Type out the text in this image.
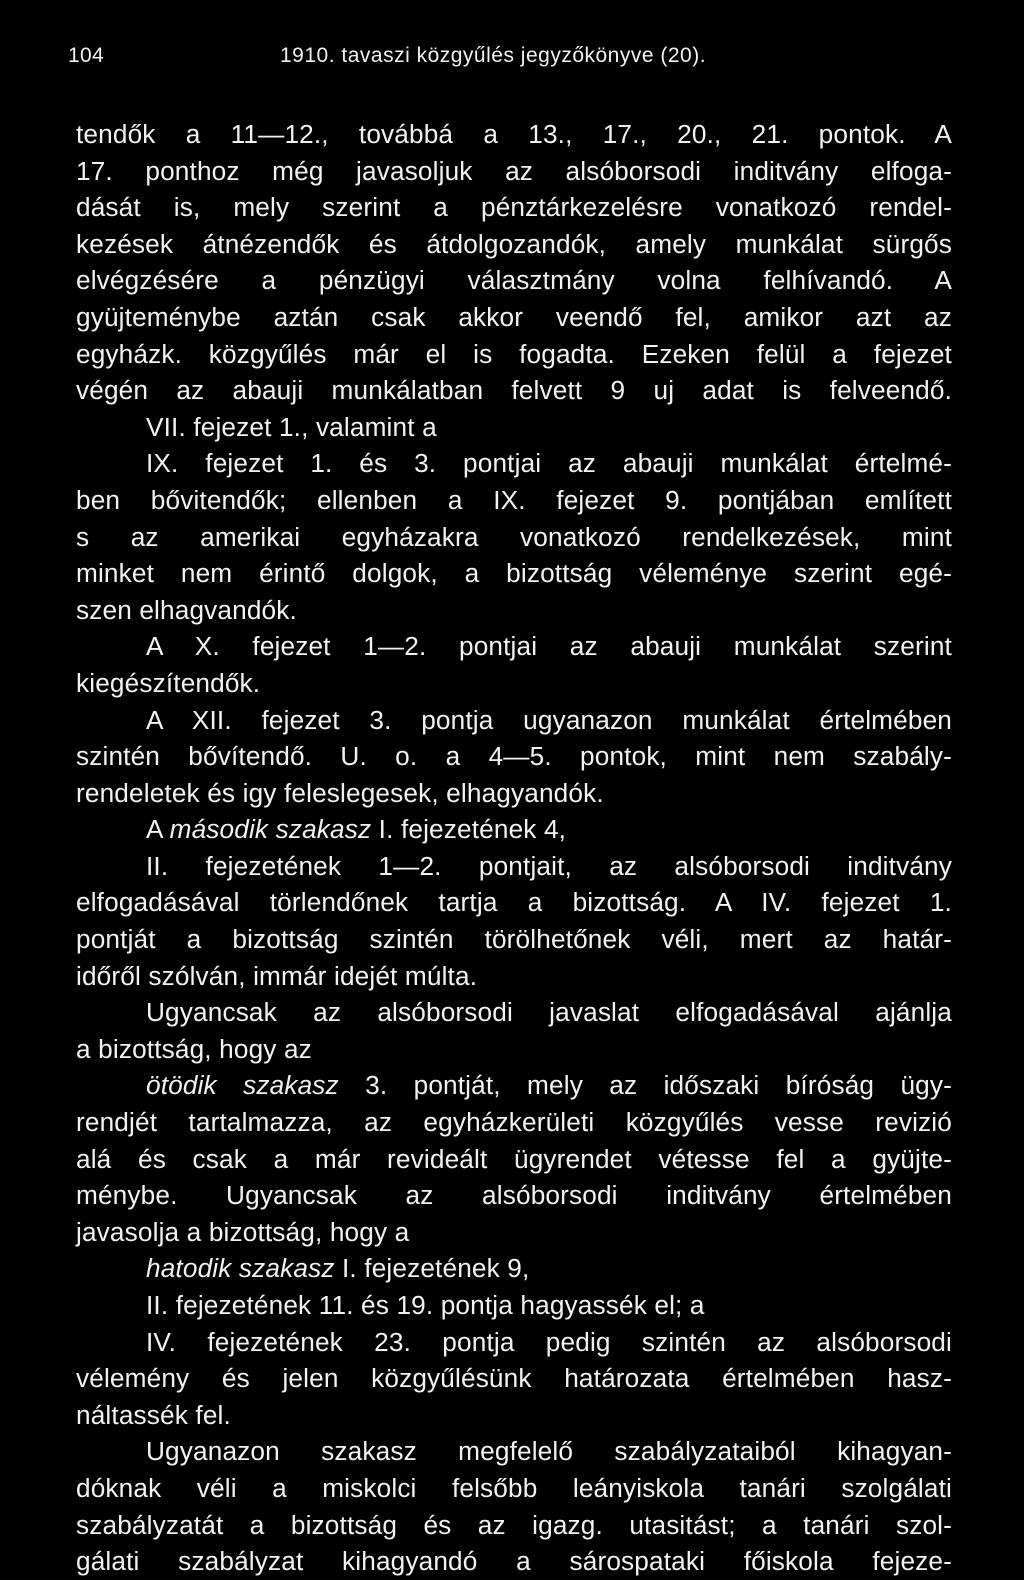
104	1910. tavaszi közgyűlés jegyzőkönyve (20).
tendők a 11—12., továbbá a 13., 17., 20., 21. pontok. A
17. ponthoz még javasoljuk az alsóborsodi inditvány elfoga-
dását is, mely szerint a pénztárkezelésre vonatkozó rendel-
kezések átnézendők és átdolgozandók, amely munkálat sürgős
elvégzésére a pénzügyi választmány volna felhívandó. A
gyüjteménybe aztán csak akkor veendő fel, amikor azt az
egyházk. közgyűlés már el is fogadta. Ezeken felül a fejezet
végén az abauji munkálatban felvett 9 uj adat is felveendő.
VII. fejezet 1., valamint a
IX. fejezet 1. és 3. pontjai az abauji munkálat értelmé-
ben bővitendők; ellenben a IX. fejezet 9. pontjában említett
s az amerikai egyházakra vonatkozó rendelkezések, mint
minket nem érintő dolgok, a bizottság véleménye szerint egé-
szen elhagvandók.
A X. fejezet 1—2. pontjai az abauji munkálat szerint
kiegészítendők.
A XII. fejezet 3. pontja ugyanazon munkálat értelmében
szintén bővítendő. U. o. a 4—5. pontok, mint nem szabály-
rendeletek és igy feleslegesek, elhagyandók.
A második szakasz I. fejezetének 4,
II. fejezetének 1—2. pontjait, az alsóborsodi inditvány
elfogadásával törlendőnek tartja a bizottság. A IV. fejezet 1.
pontját a bizottság szintén törölhetőnek véli, mert az határ-
időről szólván, immár idejét múlta.
Ugyancsak az alsóborsodi javaslat elfogadásával ajánlja
a bizottság, hogy az
ötödik szakasz 3. pontját, mely az időszaki bíróság ügy-
rendjét tartalmazza, az egyházkerületi közgyűlés vesse revizió
alá és csak a már revideált ügyrendet vétesse fel a gyüjte-
ménybe. Ugyancsak az alsóborsodi inditvány értelmében
javasolja a bizottság, hogy a
hatodik szakasz I. fejezetének 9,
II. fejezetének 11. és 19. pontja hagyassék el; a
IV. fejezetének 23. pontja pedig szintén az alsóborsodi
vélemény és jelen közgyűlésünk határozata értelmében hasz-
náltassék fel.
Ugyanazon szakasz megfelelő szabályzataiból kihagyan-
dóknak véli a miskolci felsőbb leányiskola tanári szolgálati
szabályzatát a bizottság és az igazg. utasitást; a tanári szol-
gálati szabályzat kihagyandó a sárospataki főiskola fejeze-
